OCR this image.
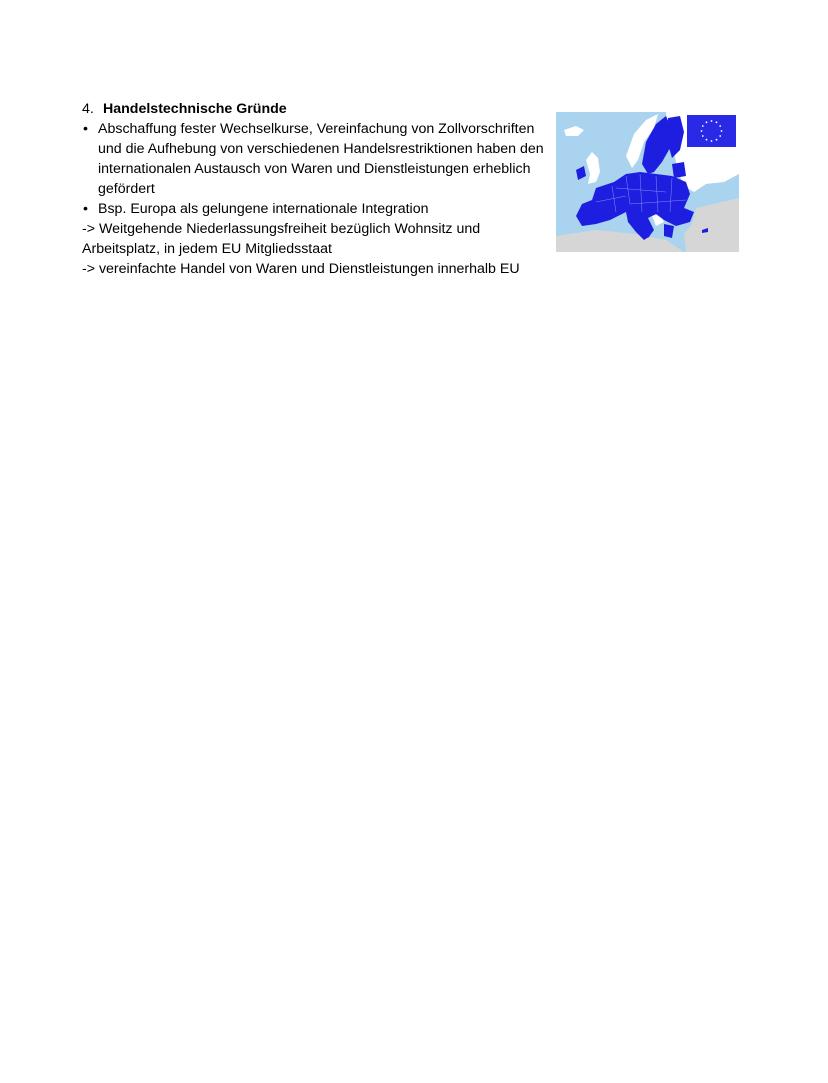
4. Handelstechnische Gründe
• Abschaffung fester Wechselkurse, Vereinfachung von Zollvorschriften und die Aufhebung von verschiedenen Handelsrestriktionen haben den internationalen Austausch von Waren und Dienstleistungen erheblich gefördert
• Bsp. Europa als gelungene internationale Integration
-> Weitgehende Niederlassungsfreiheit bezüglich Wohnsitz und
Arbeitsplatz, in jedem EU Mitgliedsstaat
-> vereinfachte Handel von Waren und Dienstleistungen innerhalb EU
